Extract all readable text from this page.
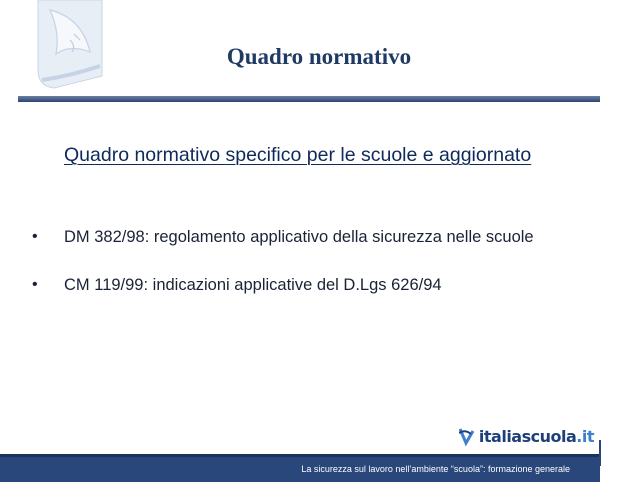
Quadro normativo
Quadro normativo specifico per le scuole e aggiornato
• DM 382/98: regolamento applicativo della sicurezza nelle scuole
• CM 119/99: indicazioni applicative del D.Lgs 626/94
italiascuola.it
La sicurezza sul lavoro nell’ambiente “scuola”: formazione generale
